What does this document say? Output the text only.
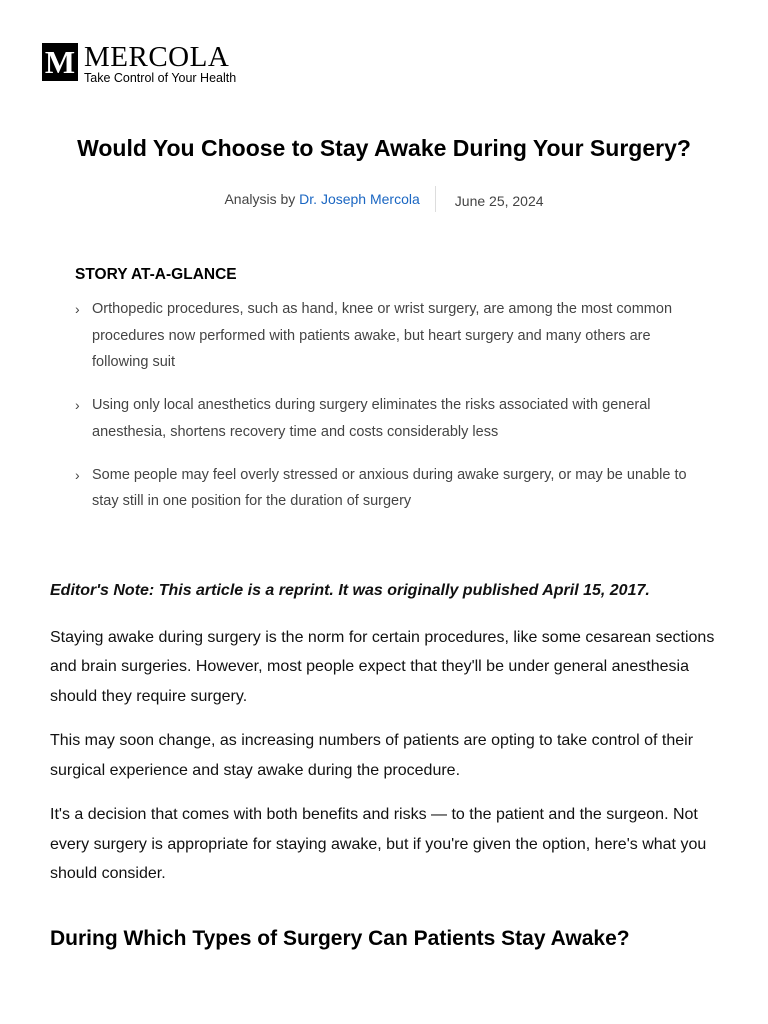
M MERCOLA
Take Control of Your Health
Would You Choose to Stay Awake During Your Surgery?
Analysis by Dr. Joseph Mercola	June 25, 2024
STORY AT-A-GLANCE
› Orthopedic procedures, such as hand, knee or wrist surgery, are among the most common procedures now performed with patients awake, but heart surgery and many others are following suit
› Using only local anesthetics during surgery eliminates the risks associated with general anesthesia, shortens recovery time and costs considerably less
› Some people may feel overly stressed or anxious during awake surgery, or may be unable to stay still in one position for the duration of surgery

Editor's Note: This article is a reprint. It was originally published April 15, 2017.

Staying awake during surgery is the norm for certain procedures, like some cesarean sections and brain surgeries. However, most people expect that they'll be under general anesthesia should they require surgery.

This may soon change, as increasing numbers of patients are opting to take control of their surgical experience and stay awake during the procedure.

It's a decision that comes with both benefits and risks — to the patient and the surgeon. Not every surgery is appropriate for staying awake, but if you're given the option, here's what you should consider.

During Which Types of Surgery Can Patients Stay Awake?
